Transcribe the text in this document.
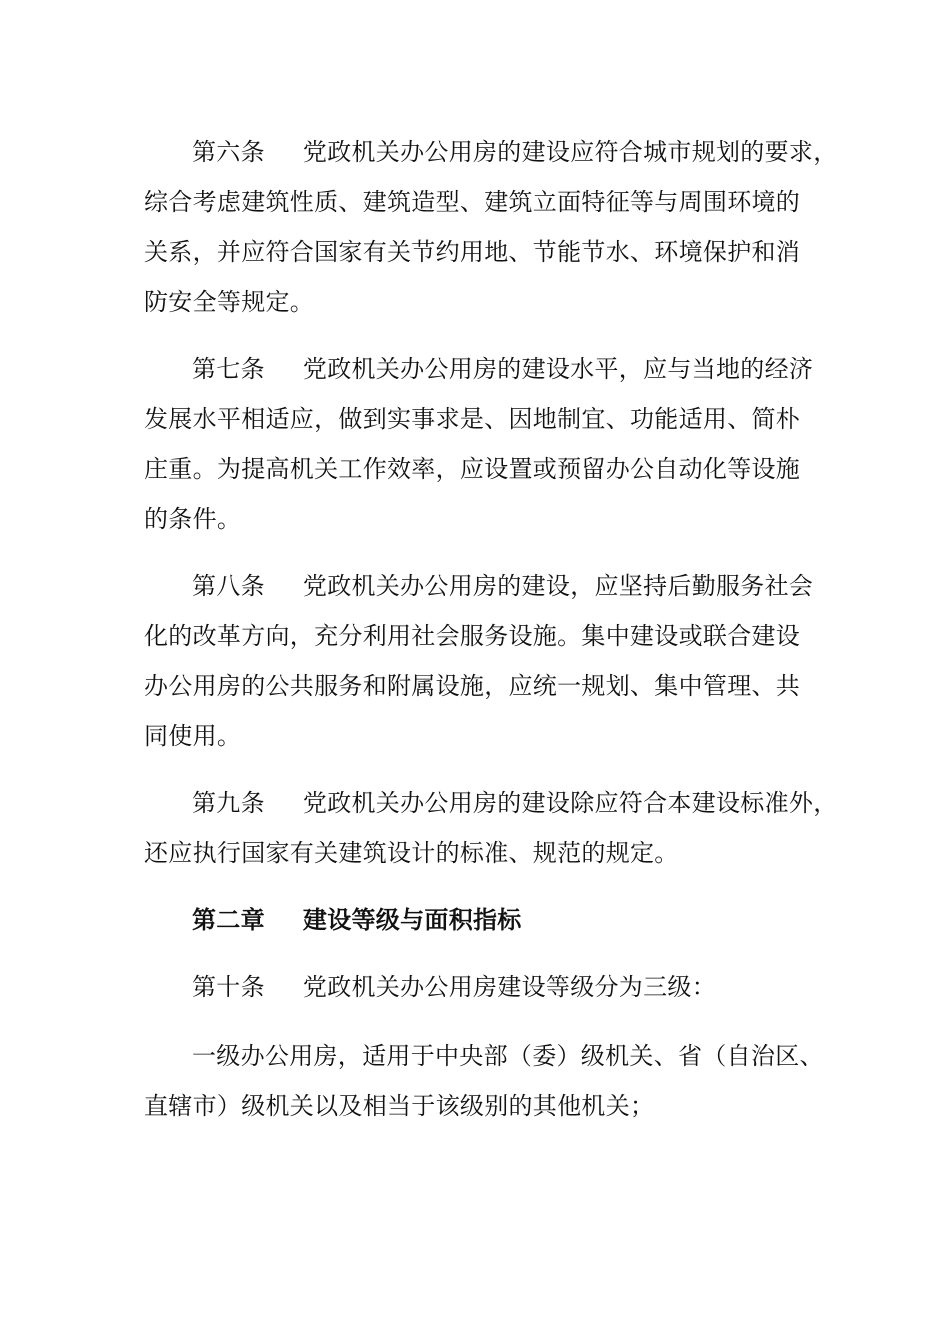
第六条 党政机关办公用房的建设应符合城市规划的要求，
综合考虑建筑性质、建筑造型、建筑立面特征等与周围环境的
关系，并应符合国家有关节约用地、节能节水、环境保护和消
防安全等规定。
第七条 党政机关办公用房的建设水平，应与当地的经济
发展水平相适应，做到实事求是、因地制宜、功能适用、简朴
庄重。为提高机关工作效率，应设置或预留办公自动化等设施
的条件。
第八条 党政机关办公用房的建设，应坚持后勤服务社会
化的改革方向，充分利用社会服务设施。集中建设或联合建设
办公用房的公共服务和附属设施，应统一规划、集中管理、共
同使用。
第九条 党政机关办公用房的建设除应符合本建设标准外，
还应执行国家有关建筑设计的标准、规范的规定。
第二章 建设等级与面积指标
第十条 党政机关办公用房建设等级分为三级：
一级办公用房，适用于中央部（委）级机关、省（自治区、
直辖市）级机关以及相当于该级别的其他机关；
